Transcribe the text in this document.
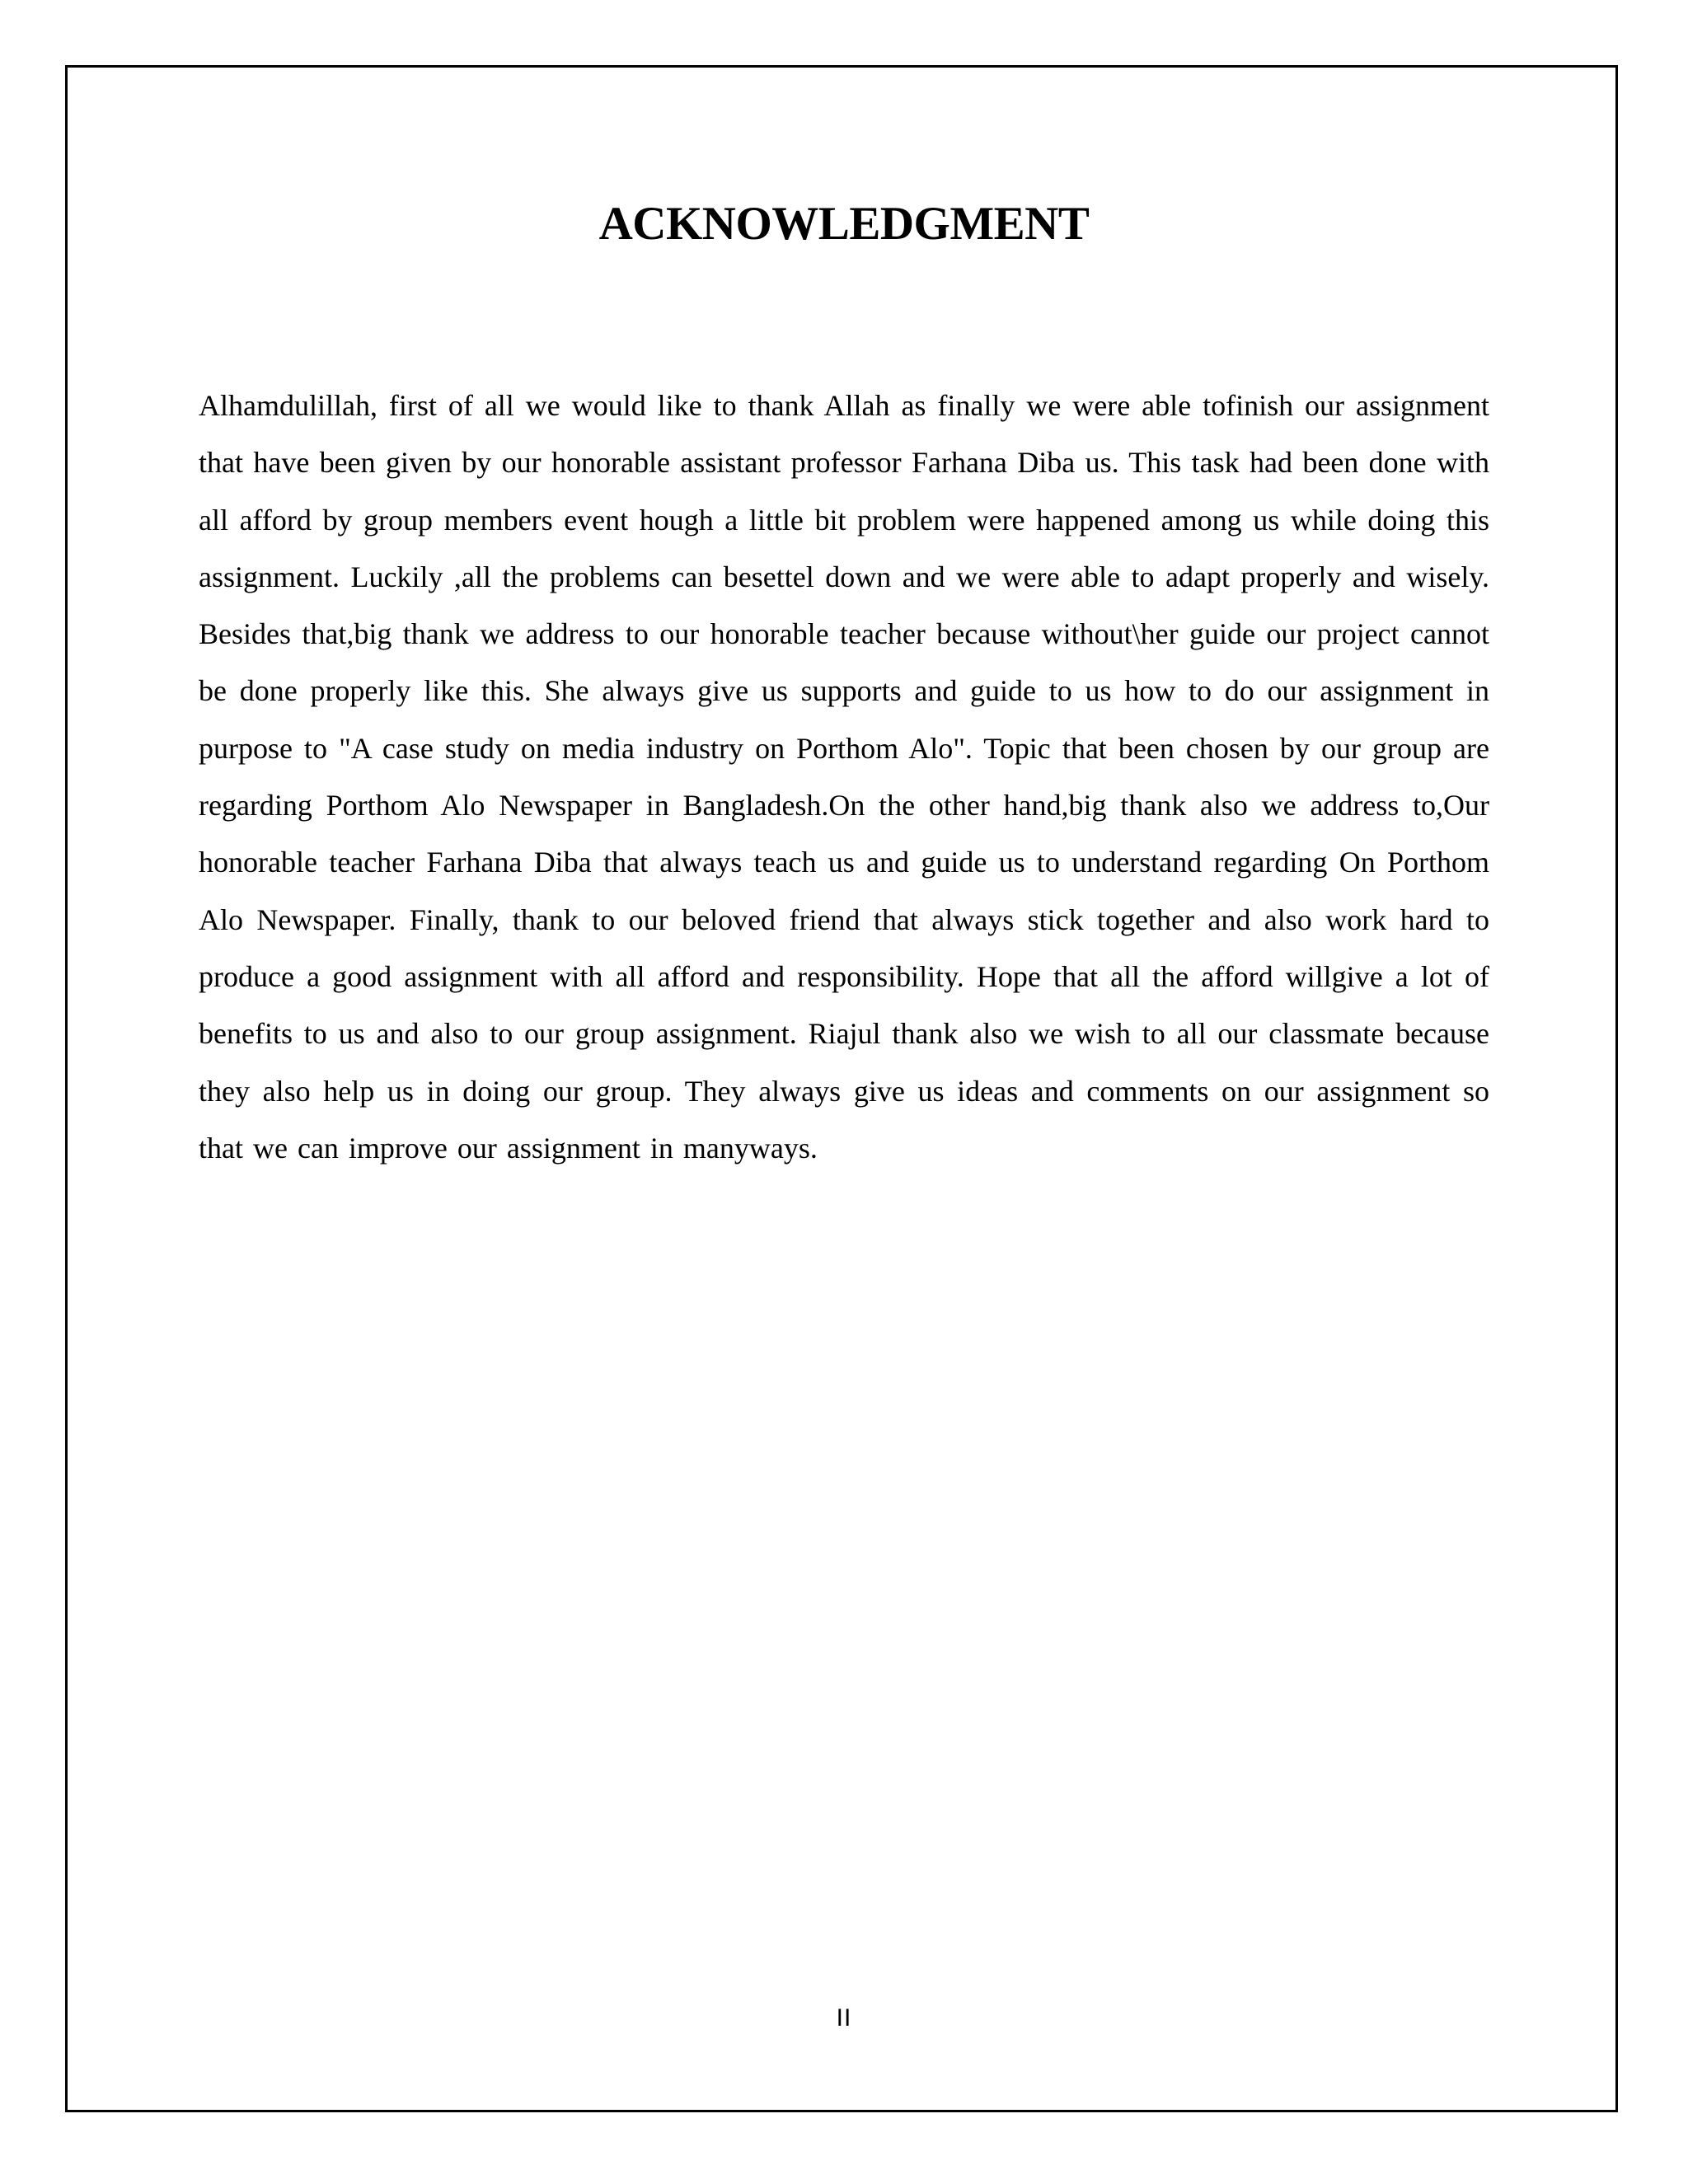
ACKNOWLEDGMENT

Alhamdulillah, first of all we would like to thank Allah as finally we were able tofinish our assignment that have been given by our honorable assistant professor Farhana Diba us. This task had been done with all afford by group members event hough a little bit problem were happened among us while doing this assignment. Luckily ,all the problems can besettel down and we were able to adapt properly and wisely. Besides that,big thank we address to our honorable teacher because without\her guide our project cannot be done properly like this. She always give us supports and guide to us how to do our assignment in purpose to "A case study on media industry on Porthom Alo". Topic that been chosen by our group are regarding Porthom Alo Newspaper in Bangladesh.On the other hand,big thank also we address to,Our honorable teacher Farhana Diba that always teach us and guide us to understand regarding On Porthom Alo Newspaper. Finally, thank to our beloved friend that always stick together and also work hard to produce a good assignment with all afford and responsibility. Hope that all the afford willgive a lot of benefits to us and also to our group assignment. Riajul thank also we wish to all our classmate because they also help us in doing our group. They always give us ideas and comments on our assignment so that we can improve our assignment in manyways.

II
